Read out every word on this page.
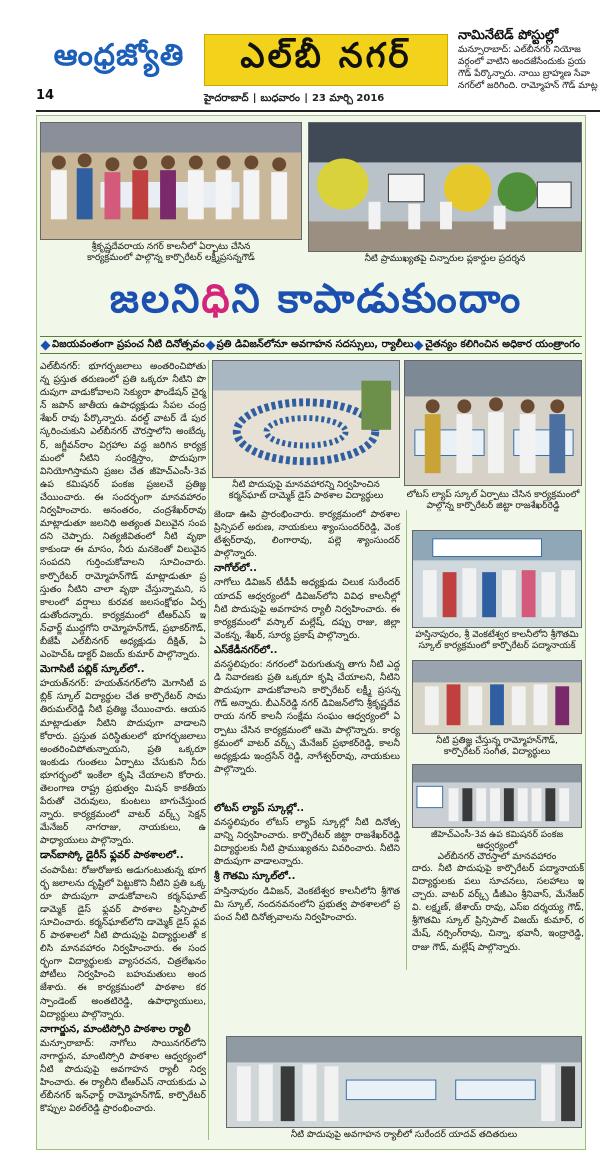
ఆంధ్రజ్యోతి
14
ఎల్‌బీ నగర్
హైదరాబాద్‌ ∣ బుధవారం ∣ 23 మార్చి 2016
నామినేటెడ్‌ పోస్టుల్లో

మన్సూరాబాద్‌: ఎల్‌బీనగర్‌ నియోజ

వర్గంలో వాటిని అందజేసేందుకు ప్రయ

గౌడ్‌ పేర్కొన్నారు. నాయి బ్రాహ్మణ సేవా

నగర్‌లో జరిగింది. రామ్మోహన్‌ గౌడ్‌ మాట్ల

శ్రీకృష్ణదేవరాయ నగర్‌ కాలనీలో ఏర్పాటు చేసిన
కార్యక్రమంలో పాల్గొన్న కార్పొరేటర్‌ లక్ష్మీప్రసన్నగౌడ్‌	నీటి ప్రాముఖ్యతపై చిన్నారుల ప్లకార్డుల ప్రదర్శన
జలని ధి ని కాపాడుకుందాం
విజయవంతంగా ప్రపంచ నీటి దినోత్సవం ప్రతి డివిజన్‌లోనూ అవగాహన సదస్సులు, ర్యాలీలు చైతన్యం కలిగించిన అధికార యంత్రాంగం
నీటి పొదుపుపై మానవహారన్ని నిర్వహించిన
కర్మన్‌ఘాట్‌ దామ్మెక్‌ డైస్‌ పాఠశాల విద్యార్థులు	లోటస్‌ ల్యాప్‌ స్కూల్‌ ఏర్పాటు చేసిన కార్యక్రమంలో
పాల్గొన్న కార్పొరేటర్‌ జిట్టా రాజశేఖర్‌రెడ్డి
హస్తినాపురం, శ్రీ వెంకటేశ్వర కాలనీలోని శ్రీగౌతమి
స్కూల్‌ కార్యక్రమంలో కార్పొరేటర్‌ పద్మానాయక్‌
నీటి ప్రతిజ్ఞ చేస్తున్న రామ్మోహన్‌గౌడ్‌,
కార్పొరేటర్‌ సంగీత, విద్యార్థులు
జీహెచ్‌ఎంసీ-3వ ఉప కమిషనర్‌ పంకజ ఆధ్వర్యంలో
ఎల్‌బీనగర్‌ చౌరస్తాలో మానవహారం
నీటి పొదుపుపై అవగాహన ర్యాలీలో సురేందర్‌ యాదవ్‌ తదితరులు

ఎల్‌బీనగర్‌: భూగర్భజలాలు అంతరించిపోతు న్న ప్రస్తుత తరుణంలో ప్రతి ఒక్కరూ నీటిని పొ దుపుగా వాడుకోవాలని సెక్యురా ఫౌండేషన్‌ చైర్మన్‌ జపాన్‌ జాతీయ ఉపాధ్యక్షుడు సేపల చంద్రశేఖర్‌ రావు పేర్కొన్నారు. వరల్డ్‌ వాటర్‌ డే పురస్కరించుకుని ఎల్‌బీనగర్‌ చౌరస్తాలోని అంబేద్కర్‌, జగ్జీవన్‌రాం విగ్రహాల వద్ద జరిగిన కార్యక్రమంలో నీటిని సంరక్షిస్తాం, పొదుపుగా వినియోగిస్తామని ప్రజల చేత జీహెచ్‌ఎంసీ-3వ ఉప కమిషనర్‌ పంకజ ప్రజలచే ప్రతిజ్ఞ చేయించారు. ఈ సందర్భంగా మానవహారం నిర్వహించారు. అనంతరం, చంద్రశేఖర్‌రావు మాట్లాడుతూ జలనిధి అత్యంత విలువైన సంపదని చెప్పారు. నిత్యజీవితంలో నీటి వృథా కాకుండా ఈ మాసం, నీరు మనకెంతో విలువైన సంపదని గుర్తించుకోవాలని సూచించారు. కార్పొరేటర్‌ రామ్మోహన్‌గౌడ్‌ మాట్లాడుతూ ప్రస్తుతం నీటిని చాలా వృథా చేస్తున్నామని, సకాలంలో వర్షాలు కురవక జలసంక్షోభం ఏర్పడుతోందన్నారు. కార్యక్రమంలో టీఆర్‌ఎస్‌ ఇన్‌ఛార్జ్‌ ముద్దగోని రామ్మోహన్‌గౌడ్‌, ప్రభాకర్‌గౌడ్‌, బీజేపీ ఎల్‌బీనగర్‌ అధ్యక్షుడు దీక్షిత్‌, ఏఎంహెచ్‌ఓ డాక్టర్‌ విజయ్‌ కుమార్‌ పాల్గొన్నారు.

మెగాసిటీ పబ్లిక్‌ స్కూల్‌లో..

హయత్‌నగర్‌: హయత్‌నగర్‌లోని మెగాసిటీ పబ్లిక్‌ స్కూల్‌ విద్యార్థుల చేత కార్పొరేటర్‌ సామ తిరుమల్‌రెడ్డి నీటి ప్రతిజ్ఞ చేయించారు. ఆయన మాట్లాడుతూ నీటిని పొదుపుగా వాడాలని కోరారు. ప్రస్తుత పరిస్థితులలో భూగర్భజలాలు అంతరించిపోతున్నాయని, ప్రతి ఒక్కరూ ఇంకుడు గుంతలు ఏర్పాటు చేసుకుని నీరు భూగర్భంలో ఇంకేలా కృషి చేయాలని కోరారు. తెలంగాణ రాష్ట్ర ప్రభుత్వం మిషన్‌ కాకతీయ పేరుతో చెరువులు, కుంటలు బాగుచేస్తుందన్నారు. కార్యక్రమంలో వాటర్‌ వర్క్స్‌ సెక్షన్‌ మేనేజర్‌ నాగరాజు, నాయకులు, ఉపాధ్యాయులు పాల్గొన్నారు.

డాన్‌బాస్కో డైరీస్‌ ఫ్లవర్‌ పాఠశాలలో..

చంపాపేట: రోజురోజుకు అడుగంటుతున్న భూగర్భ జలాలను దృష్టిలో పెట్టుకొని నీటిని ప్రతి ఒక్కరూ పొదుపుగా వాడుకోవాలని కర్మన్‌ఘాట్‌ డామ్మెక్‌ డైస్‌ ఫ్లవర్‌ పాఠశాల ప్రిన్సిపాల్‌ సూచించారు. కర్మన్‌ఘాట్‌లోని డామ్మెక్‌ డైస్‌ ఫ్లవర్‌ పాఠశాలలో నీటి పొదుపుపై విద్యార్థులతో కలిసి మానవహారం నిర్వహించారు. ఈ సందర్భంగా విద్యార్థులకు వ్యాసరచన, చిత్రలేఖనం పోటీలు నిర్వహించి బహుమతులు అందజేశారు. ఈ కార్యక్రమంలో పాఠశాల కరస్పాండెంట్‌ అంతటిరెడ్డి, ఉపాధ్యాయులు, విద్యార్థులు పాల్గొన్నారు.

నాగార్జున, మాంటిస్సోరి పాఠశాల ర్యాలీ

మన్సూరాబాద్‌: నాగోలు సాయినగర్‌లోని నాగార్జున, మాంటిస్సోరి పాఠశాల ఆధ్వర్యంలో నీటి పొదుపుపై అవగాహన ర్యాలీ నిర్వహించారు. ఈ ర్యాలీని టీఆర్‌ఎస్‌ నాయకుడు ఎల్‌బీనగర్‌ ఇన్‌ఛార్జ్‌ రామ్మోహన్‌గౌడ్‌, కార్పొరేటర్‌ కొప్పుల విఠల్‌రెడ్డి ప్రారంభించారు.

జెండా ఊపి ప్రారంభించారు. కార్యక్రమంలో పాఠశాల ప్రిన్సిపల్‌ అరుణ, నాయకులు శ్యాంసుందర్‌రెడ్డి, వెంకటేశ్వర్‌రావు, లింగారావు, పల్లె శ్యాంసుందర్‌ పాల్గొన్నారు.

నాగోల్‌లో..

నాగోలు డివిజన్‌ టీడీపీ అధ్యక్షుడు చిలుక సురేందర్‌ యాదవ్‌ ఆధ్వర్యంలో డివిజన్‌లోని వివిధ కాలనీల్లో నీటి పొదుపుపై అవగాహన ర్యాలీ నిర్వహించారు. ఈ కార్యక్రమంలో వస్కాల్‌ మల్లేష్‌, దప్పు రాజు, జిల్లా వెంకన్న, శేఖర్‌, సూర్య ప్రకాష్‌ పాల్గొన్నారు.

ఎస్‌కేడీనగర్‌లో..

వనస్థలిపురం: నగరంలో పెరుగుతున్న తాగు నీటి ఎద్దడి నివారణకు ప్రతి ఒక్కరూ కృషి చేయాలని, నీటిని పొదుపుగా వాడుకోవాలని కార్పొరేటర్‌ లక్ష్మీ ప్రసన్న గౌడ్‌ అన్నారు. బీఎన్‌రెడ్డి నగర్‌ డివిజన్‌లోని శ్రీకృష్ణదేవరాయ నగర్‌ కాలనీ సంక్షేమ సంఘం ఆధ్వర్యంలో ఏర్పాటు చేసిన కార్యక్రమంలో ఆమె పాల్గొన్నారు. కార్యక్రమంలో వాటర్‌ వర్క్స్‌ మేనేజర్‌ ప్రభాకర్‌రెడ్డి, కాలనీ అధ్యక్షుడు ఇంద్రసేన్‌ రెడ్డి, నాగేశ్వర్‌రావు, నాయకులు పాల్గొన్నారు.

లోటస్‌ ల్యాప్‌ స్కూల్లో..

వనస్థలిపురం లోటస్‌ ల్యాప్‌ స్కూల్లో నీటి దినోత్సవాన్ని నిర్వహించారు. కార్పొరేటర్‌ జిట్టా రాజశేఖర్‌రెడ్డి విద్యార్థులకు నీటి ప్రాముఖ్యతను వివరించారు. నీటిని పొదుపుగా వాడాలన్నారు.

శ్రీ గౌతమి స్కూల్‌లో..

హస్తినాపురం డివిజన్‌, వెంకటేశ్వర కాలనీలోని శ్రీగౌతమి స్కూల్‌, నందనవనంలోని ప్రభుత్వ పాఠశాలలో ప్రపంచ నీటి దినోత్సవాలను నిర్వహించారు.

దారు. నీటి పొదుపుపై కార్పొరేటర్‌ పద్మానాయక్‌ విద్యార్థులకు పలు సూచనలు, సలహాలు ఇచ్చారు. వాటర్‌ వర్క్స్‌ డీజీఎం శ్రీనివాస్‌, మేనేజర్‌ వి. లక్ష్మణ్‌, జేశాయ్‌ రావు, ఎస్‌ఐ దర్శయ్య గౌడ్‌, శ్రీగౌతమి స్కూల్‌ ప్రిన్సిపాల్‌ విజయ్‌ కుమార్‌, రమేష్‌, నర్సింగ్‌రావు, చిన్నా, భవానీ, ఇంద్రారెడ్డి, రాజు గౌడ్‌, మల్లేష్‌ పాల్గొన్నారు.
